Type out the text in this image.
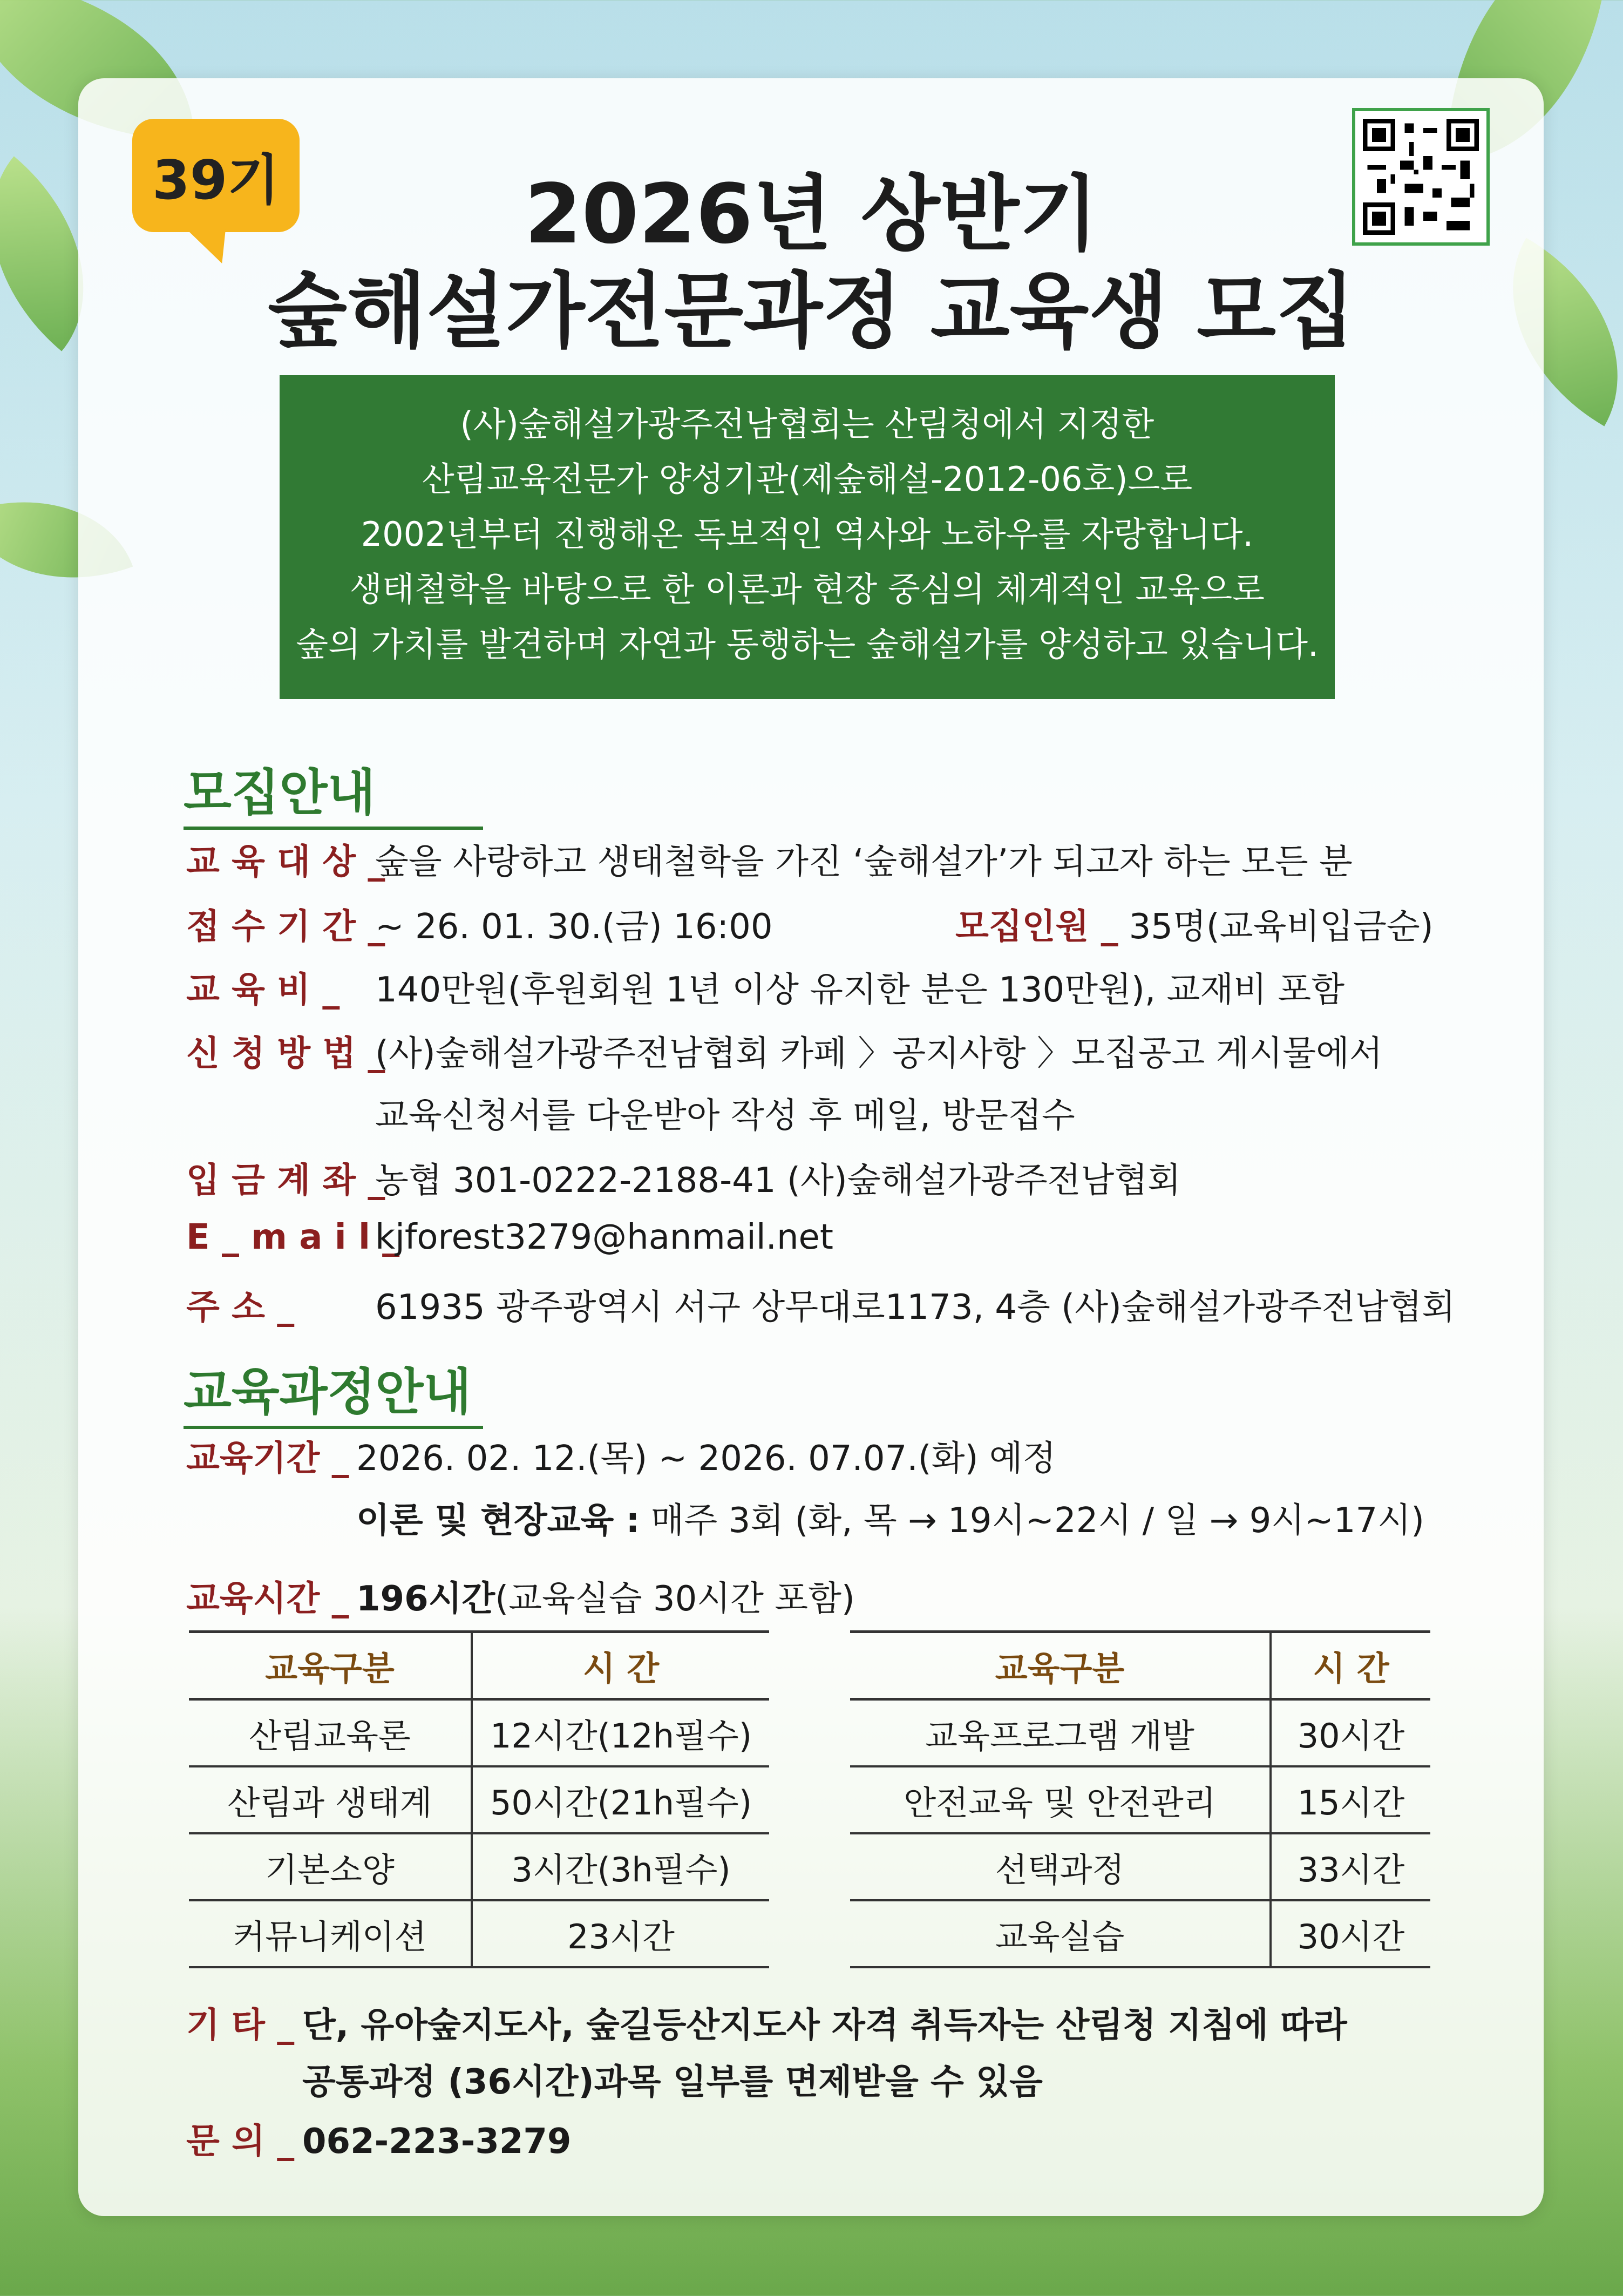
39기	2026년 상반기
숲해설가전문과정 교육생 모집
(사)숲해설가광주전남협회는 산림청에서 지정한
산림교육전문가 양성기관(제숲해설-2012-06호)으로
2002년부터 진행해온 독보적인 역사와 노하우를 자랑합니다.
생태철학을 바탕으로 한 이론과 현장 중심의 체계적인 교육으로
숲의 가치를 발견하며 자연과 동행하는 숲해설가를 양성하고 있습니다.
모집안내
교 육 대 상 _숲을 사랑하고 생태철학을 가진 ‘숲해설가’가 되고자 하는 모든 분
접 수 기 간 _~ 26. 01. 30.(금) 16:00	모집인원 _ 35명(교육비입금순)
교 육 비 _ 140만원(후원회원 1년 이상 유지한 분은 130만원), 교재비 포함
신 청 방 법 _(사)숲해설가광주전남협회 카페 〉공지사항 〉모집공고 게시물에서
교육신청서를 다운받아 작성 후 메일, 방문접수
입 금 계 좌 _농협 301-0222-2188-41 (사)숲해설가광주전남협회
E _ m a i l _kjforest3279@hanmail.net
주 소 _ 61935 광주광역시 서구 상무대로1173, 4층 (사)숲해설가광주전남협회
교육과정안내
교육기간 _ 2026. 02. 12.(목) ~ 2026. 07.07.(화) 예정
이론 및 현장교육 : 매주 3회 (화, 목 → 19시~22시 / 일 → 9시~17시)
교육시간 _ 196시간(교육실습 30시간 포함)
교육구분	시 간
산림교육론	12시간(12h필수)
산림과 생태계	50시간(21h필수)
기본소양	3시간(3h필수)
커뮤니케이션	23시간
교육구분	시 간
교육프로그램 개발	30시간
안전교육 및 안전관리	15시간
선택과정	33시간
교육실습	30시간
기 타 _ 단, 유아숲지도사, 숲길등산지도사 자격 취득자는 산림청 지침에 따라
공통과정 (36시간)과목 일부를 면제받을 수 있음
문 의 _ 062-223-3279
